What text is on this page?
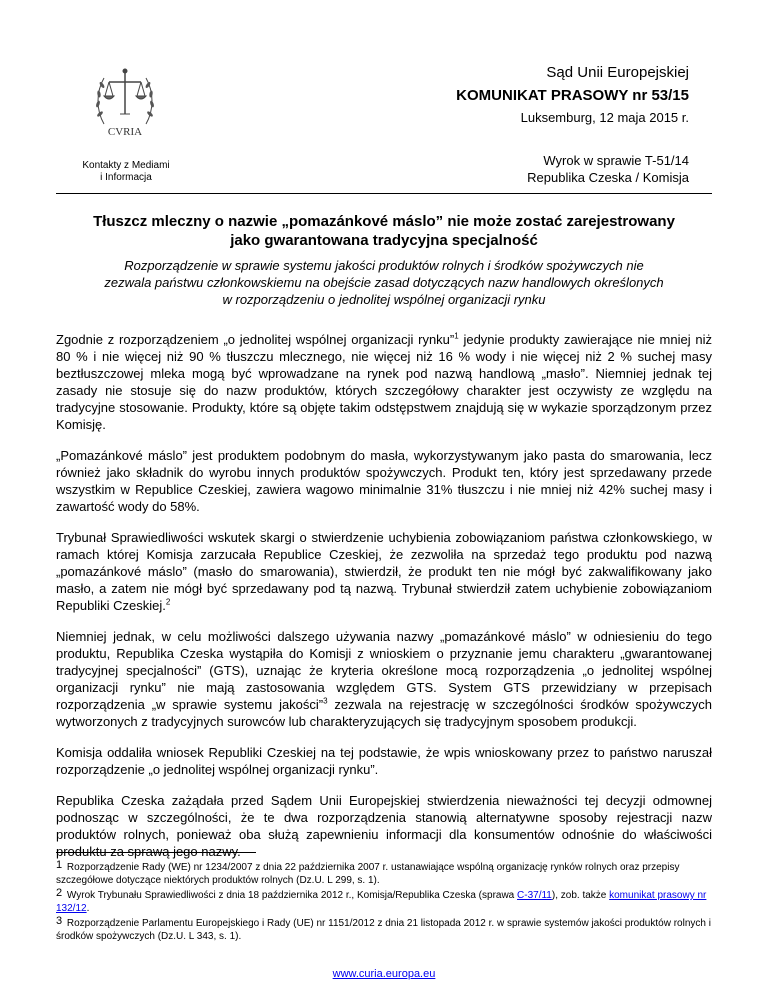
CVRIA
Kontakty z Mediami
i Informacja
Sąd Unii Europejskiej
KOMUNIKAT PRASOWY nr 53/15
Luksemburg, 12 maja 2015 r.
Wyrok w sprawie T-51/14
Republika Czeska / Komisja
Tłuszcz mleczny o nazwie „pomazánkové máslo” nie może zostać zarejestrowany
jako gwarantowana tradycyjna specjalność
Rozporządzenie w sprawie systemu jakości produktów rolnych i środków spożywczych nie
zezwala państwu członkowskiemu na obejście zasad dotyczących nazw handlowych określonych
w rozporządzeniu o jednolitej wspólnej organizacji rynku

Zgodnie z rozporządzeniem „o jednolitej wspólnej organizacji rynku”$^1$ jedynie produkty zawierające nie mniej niż 80 % i nie więcej niż 90 % tłuszczu mlecznego, nie więcej niż 16 % wody i nie więcej niż 2 % suchej masy beztłuszczowej mleka mogą być wprowadzane na rynek pod nazwą handlową „masło”. Niemniej jednak tej zasady nie stosuje się do nazw produktów, których szczegółowy charakter jest oczywisty ze względu na tradycyjne stosowanie. Produkty, które są objęte takim odstępstwem znajdują się w wykazie sporządzonym przez Komisję.

„Pomazánkové máslo” jest produktem podobnym do masła, wykorzystywanym jako pasta do smarowania, lecz również jako składnik do wyrobu innych produktów spożywczych. Produkt ten, który jest sprzedawany przede wszystkim w Republice Czeskiej, zawiera wagowo minimalnie 31% tłuszczu i nie mniej niż 42% suchej masy i zawartość wody do 58%.

Trybunał Sprawiedliwości wskutek skargi o stwierdzenie uchybienia zobowiązaniom państwa członkowskiego, w ramach której Komisja zarzucała Republice Czeskiej, że zezwoliła na sprzedaż tego produktu pod nazwą „pomazánkové máslo” (masło do smarowania), stwierdził, że produkt ten nie mógł być zakwalifikowany jako masło, a zatem nie mógł być sprzedawany pod tą nazwą. Trybunał stwierdził zatem uchybienie zobowiązaniom Republiki Czeskiej.$^2$

Niemniej jednak, w celu możliwości dalszego używania nazwy „pomazánkové máslo” w odniesieniu do tego produktu, Republika Czeska wystąpiła do Komisji z wnioskiem o przyznanie jemu charakteru „gwarantowanej tradycyjnej specjalności” (GTS), uznając że kryteria określone mocą rozporządzenia „o jednolitej wspólnej organizacji rynku” nie mają zastosowania względem GTS. System GTS przewidziany w przepisach rozporządzenia „w sprawie systemu jakości”$^3$ zezwala na rejestrację w szczególności środków spożywczych wytworzonych z tradycyjnych surowców lub charakteryzujących się tradycyjnym sposobem produkcji.

Komisja oddaliła wniosek Republiki Czeskiej na tej podstawie, że wpis wnioskowany przez to państwo naruszał rozporządzenie „o jednolitej wspólnej organizacji rynku”.

Republika Czeska zażądała przed Sądem Unii Europejskiej stwierdzenia nieważności tej decyzji odmownej podnosząc w szczególności, że te dwa rozporządzenia stanowią alternatywne sposoby rejestracji nazw produktów rolnych, ponieważ oba służą zapewnieniu informacji dla konsumentów odnośnie do właściwości produktu za sprawą jego nazwy.

1 Rozporządzenie Rady (WE) nr 1234/2007 z dnia 22 października 2007 r. ustanawiające wspólną organizację rynków rolnych oraz przepisy szczegółowe dotyczące niektórych produktów rolnych (Dz.U. L 299, s. 1).

2 Wyrok Trybunału Sprawiedliwości z dnia 18 października 2012 r., Komisja/Republika Czeska (sprawa C-37/11), zob. także komunikat prasowy nr 132/12.

3 Rozporządzenie Parlamentu Europejskiego i Rady (UE) nr 1151/2012 z dnia 21 listopada 2012 r. w sprawie systemów jakości produktów rolnych i środków spożywczych (Dz.U. L 343, s. 1).

www.curia.europa.eu
